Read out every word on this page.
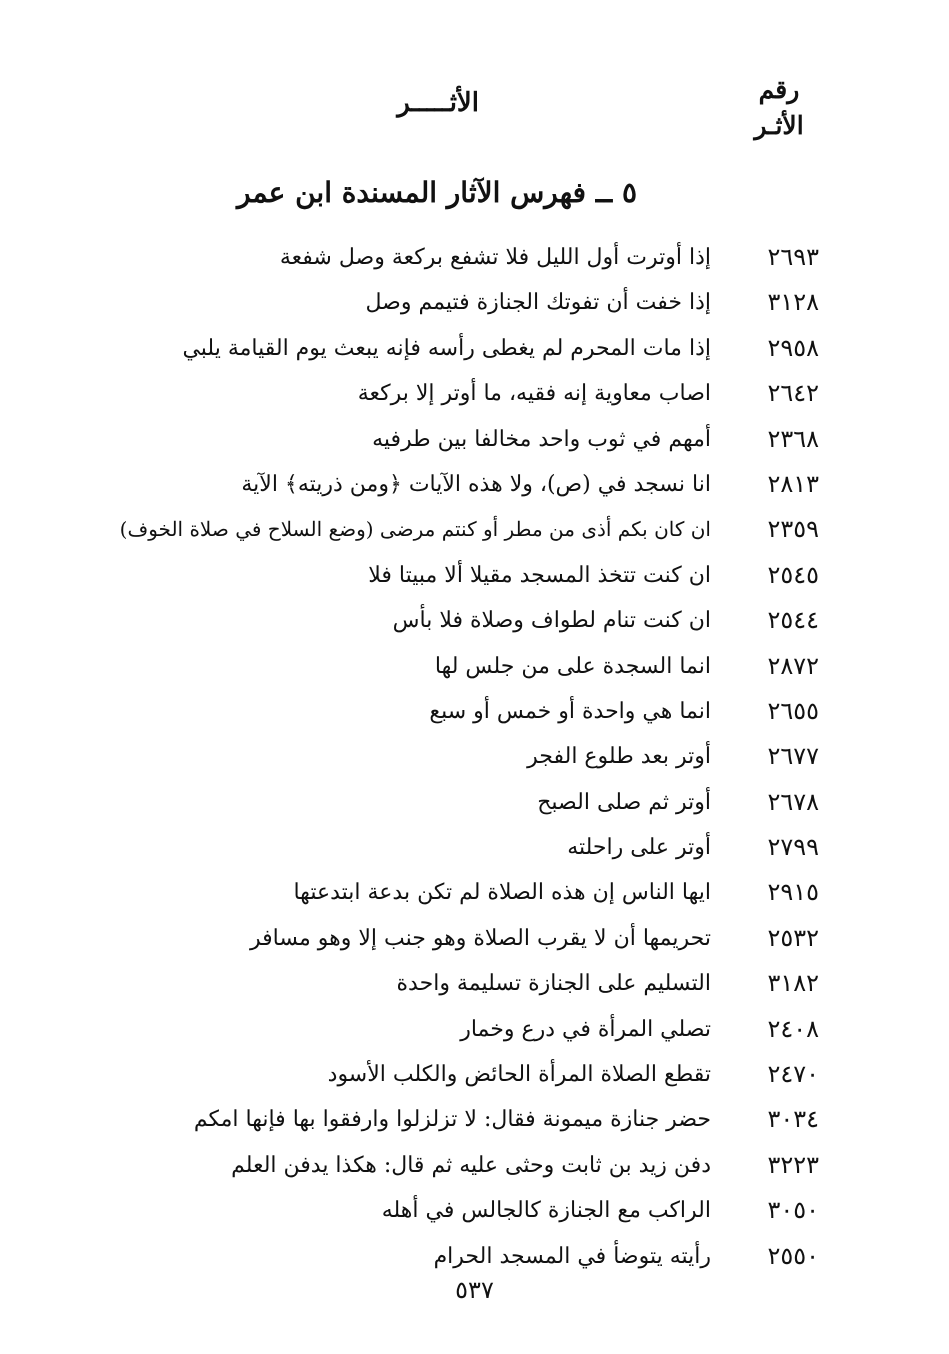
رقم
الأثـر
الأثـــــر
٥ ــ فهرس الآثار المسندة ابن عمر
٢٦٩٣
إذا أوترت أول الليل فلا تشفع بركعة وصل شفعة
٣١٢٨
إذا خفت أن تفوتك الجنازة فتيمم وصل
٢٩٥٨
إذا مات المحرم لم يغطى رأسه فإنه يبعث يوم القيامة يلبي
٢٦٤٢
اصاب معاوية إنه فقيه، ما أوتر إلا بركعة
٢٣٦٨
أمهم في ثوب واحد مخالفا بين طرفيه
٢٨١٣
انا نسجد في (ص)، ولا هذه الآيات ﴿ومن ذريته﴾ الآية
٢٣٥٩
ان كان بكم أذى من مطر أو كنتم مرضى (وضع السلاح في صلاة الخوف)
٢٥٤٥
ان كنت تتخذ المسجد مقيلا ألا مبيتا فلا
٢٥٤٤
ان كنت تنام لطواف وصلاة فلا بأس
٢٨٧٢
انما السجدة على من جلس لها
٢٦٥٥
انما هي واحدة أو خمس أو سبع
٢٦٧٧
أوتر بعد طلوع الفجر
٢٦٧٨
أوتر ثم صلى الصبح
٢٧٩٩
أوتر على راحلته
٢٩١٥
ايها الناس إن هذه الصلاة لم تكن بدعة ابتدعتها
٢٥٣٢
تحريمها أن لا يقرب الصلاة وهو جنب إلا وهو مسافر
٣١٨٢
التسليم على الجنازة تسليمة واحدة
٢٤٠٨
تصلي المرأة في درع وخمار
٢٤٧٠
تقطع الصلاة المرأة الحائض والكلب الأسود
٣٠٣٤
حضر جنازة ميمونة فقال: لا تزلزلوا وارفقوا بها فإنها امكم
٣٢٢٣
دفن زيد بن ثابت وحثى عليه ثم قال: هكذا يدفن العلم
٣٠٥٠
الراكب مع الجنازة كالجالس في أهله
٢٥٥٠
رأيته يتوضأ في المسجد الحرام
٥٣٧
